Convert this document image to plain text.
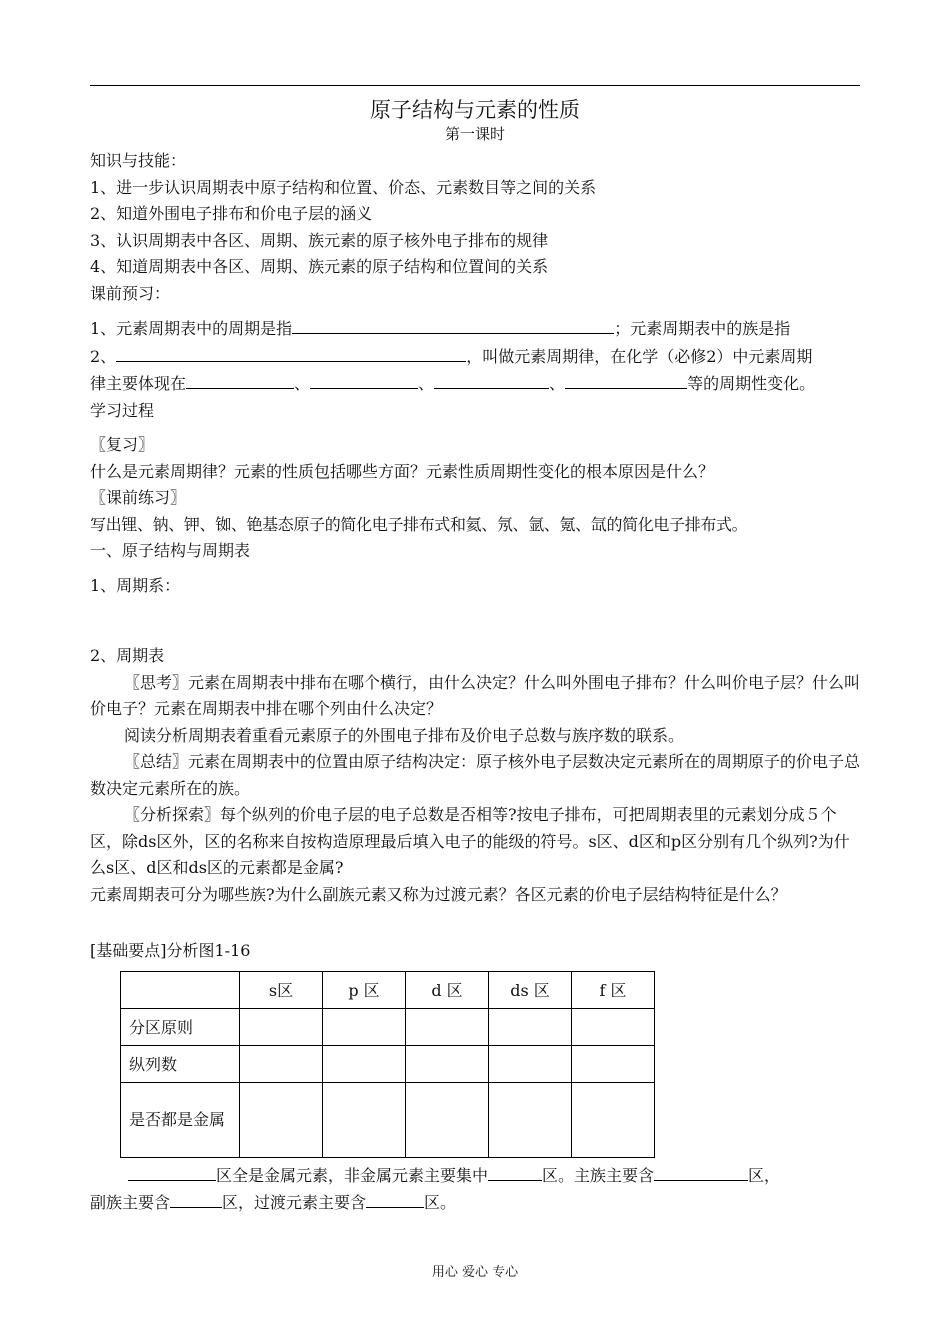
原子结构与元素的性质
第一课时
知识与技能：
1、进一步认识周期表中原子结构和位置、价态、元素数目等之间的关系
2、知道外围电子排布和价电子层的涵义
3、认识周期表中各区、周期、族元素的原子核外电子排布的规律
4、知道周期表中各区、周期、族元素的原子结构和位置间的关系
课前预习：
1、元素周期表中的周期是指	；元素周期表中的族是指
2、	，叫做元素周期律，在化学（必修2）中元素周期
律主要体现在	、	、	、	等的周期性变化。
学习过程
〖复习〗
什么是元素周期律？元素的性质包括哪些方面？元素性质周期性变化的根本原因是什么？
〖课前练习〗
写出锂、钠、钾、铷、铯基态原子的简化电子排布式和氦、氖、氩、氪、氙的简化电子排布式。
一、原子结构与周期表
1、周期系：
2、周期表
〖思考〗元素在周期表中排布在哪个横行，由什么决定？什么叫外围电子排布？什么叫价电子层？什么叫价电子？元素在周期表中排在哪个列由什么决定？
阅读分析周期表着重看元素原子的外围电子排布及价电子总数与族序数的联系。
〖总结〗元素在周期表中的位置由原子结构决定：原子核外电子层数决定元素所在的周期原子的价电子总数决定元素所在的族。
〖分析探索〗每个纵列的价电子层的电子总数是否相等?按电子排布，可把周期表里的元素划分成５个区，除ds区外，区的名称来自按构造原理最后填入电子的能级的符号。s区、d区和p区分别有几个纵列?为什么s区、d区和ds区的元素都是金属?
元素周期表可分为哪些族?为什么副族元素又称为过渡元素？各区元素的价电子层结构特征是什么？
[基础要点]分析图1-16
	s区	p 区	d 区	ds 区	f 区
分区原则					
纵列数					
是否都是金属					
区全是金属元素，非金属元素主要集中	区。主族主要含	区，
副族主要含	区，过渡元素主要含	区。
用心 爱心 专心
